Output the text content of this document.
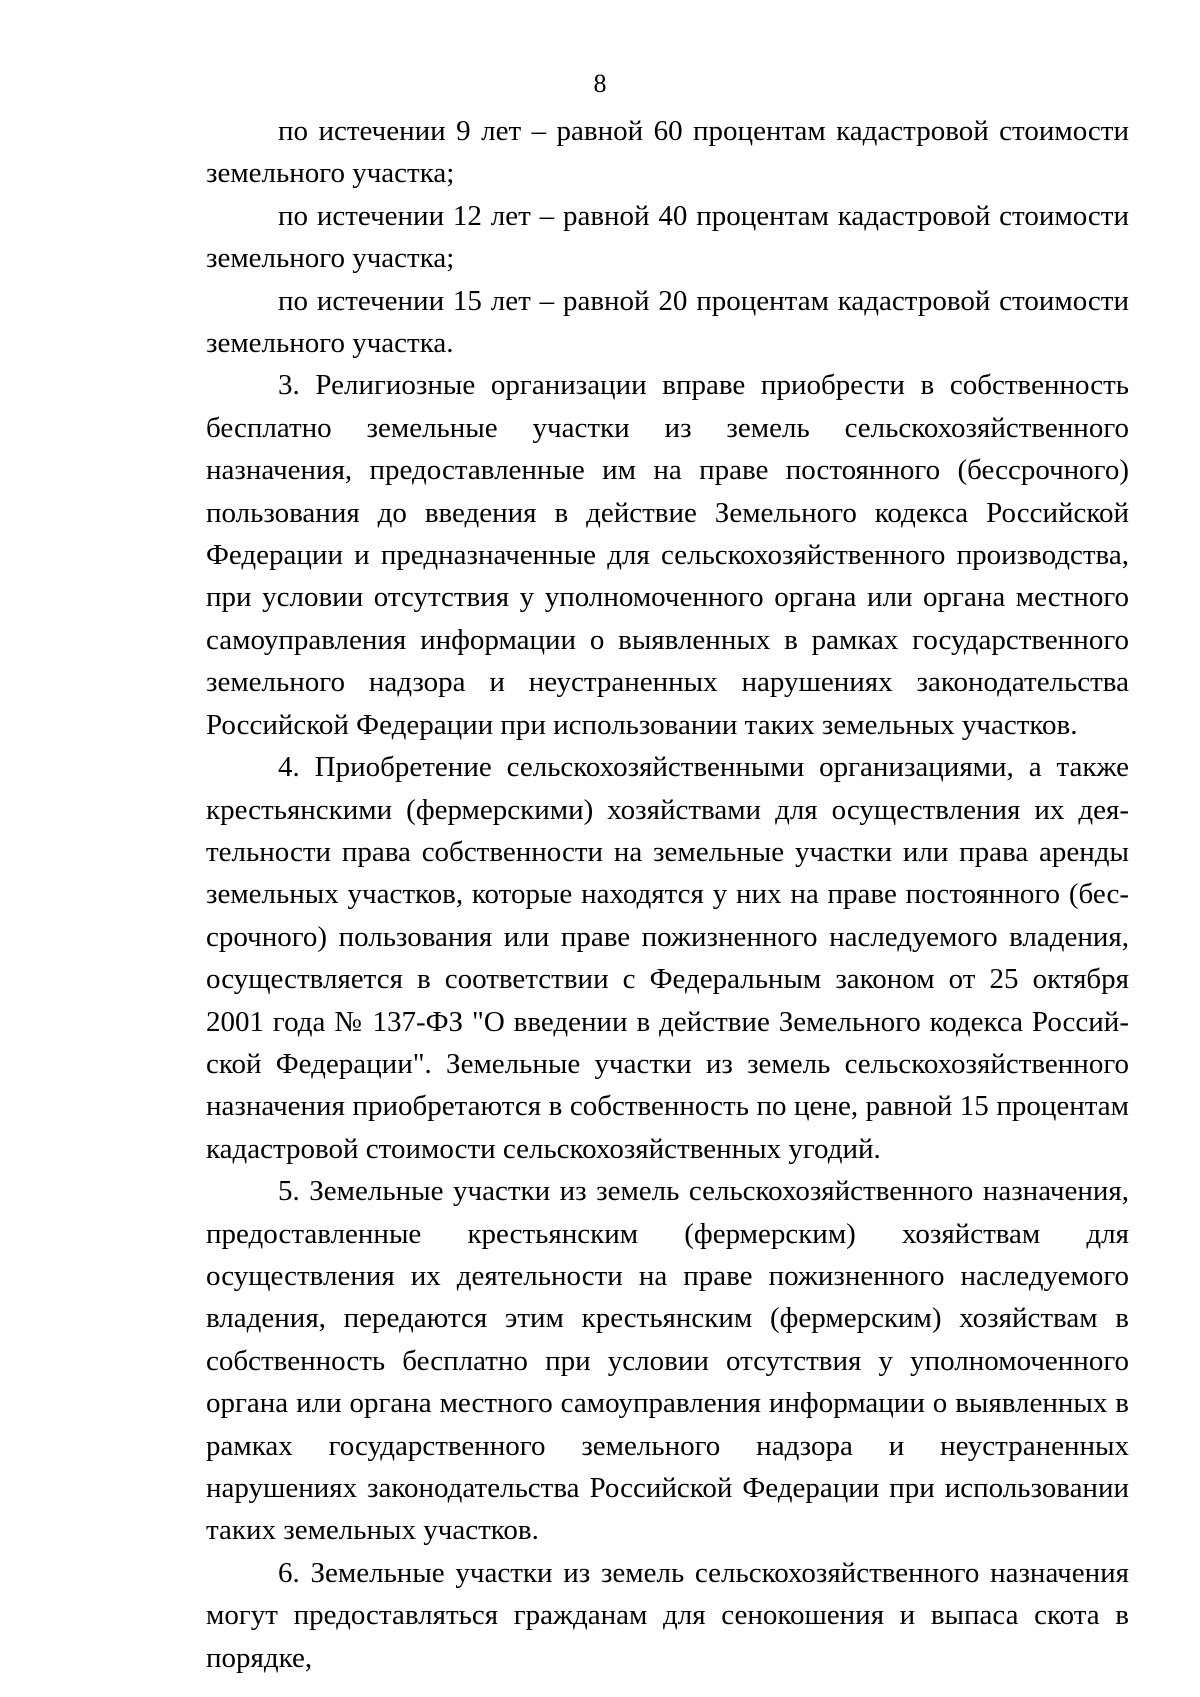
8

по истечении 9 лет – равной 60 процентам кадастровой стоимости земельного участка;

по истечении 12 лет – равной 40 процентам кадастровой стоимости земельного участка;

по истечении 15 лет – равной 20 процентам кадастровой стоимости земельного участка.

3. Религиозные организации вправе приобрести в собственность бесплатно земельные участки из земель сельскохозяйственного назначения, предоставленные им на праве постоянного (бессрочного) пользования до введения в действие Земельного кодекса Российской Федерации и предназначенные для сельскохозяйственного производства, при условии отсутствия у уполномоченного органа или органа местного самоуправления информации о выявленных в рамках государственного земельного надзора и неустраненных нарушениях законодательства Российской Федерации при использовании таких земельных участков.

4. Приобретение сельскохозяйственными организациями, а также крестьянскими (фермерскими) хозяйствами для осуществления их деятельности права собственности на земельные участки или права аренды земельных участков, которые находятся у них на праве постоянного (бессрочного) пользования или праве пожизненного наследуемого владения, осуществляется в соответствии с Федеральным законом от 25 октября 2001 года № 137-ФЗ "О введении в действие Земельного кодекса Российской Федерации". Земельные участки из земель сельскохозяйственного назначения приобретаются в собственность по цене, равной 15 процентам кадастровой стоимости сельскохозяйственных угодий.

5. Земельные участки из земель сельскохозяйственного назначения, предоставленные крестьянским (фермерским) хозяйствам для осуществления их деятельности на праве пожизненного наследуемого владения, передаются этим крестьянским (фермерским) хозяйствам в собственность бесплатно при условии отсутствия у уполномоченного органа или органа местного самоуправления информации о выявленных в рамках государственного земельного надзора и неустраненных нарушениях законодательства Российской Федерации при использовании таких земельных участков.

6. Земельные участки из земель сельскохозяйственного назначения могут предоставляться гражданам для сенокошения и выпаса скота в порядке,
